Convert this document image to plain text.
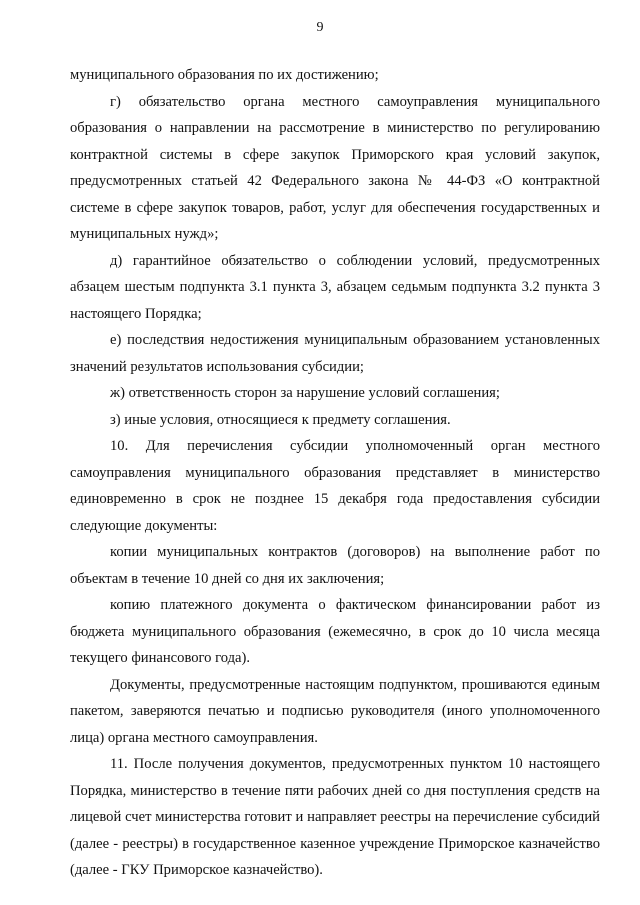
9

муниципального образования по их достижению;

г) обязательство органа местного самоуправления муниципального образования о направлении на рассмотрение в министерство по регулированию контрактной системы в сфере закупок Приморского края условий закупок, предусмотренных статьей 42 Федерального закона № 44-ФЗ «О контрактной системе в сфере закупок товаров, работ, услуг для обеспечения государственных и муниципальных нужд»;

д) гарантийное обязательство о соблюдении условий, предусмотренных абзацем шестым подпункта 3.1 пункта 3, абзацем седьмым подпункта 3.2 пункта 3 настоящего Порядка;

е) последствия недостижения муниципальным образованием установленных значений результатов использования субсидии;

ж) ответственность сторон за нарушение условий соглашения;

з) иные условия, относящиеся к предмету соглашения.

10. Для перечисления субсидии уполномоченный орган местного самоуправления муниципального образования представляет в министерство единовременно в срок не позднее 15 декабря года предоставления субсидии следующие документы:

копии муниципальных контрактов (договоров) на выполнение работ по объектам в течение 10 дней со дня их заключения;

копию платежного документа о фактическом финансировании работ из бюджета муниципального образования (ежемесячно, в срок до 10 числа месяца текущего финансового года).

Документы, предусмотренные настоящим подпунктом, прошиваются единым пакетом, заверяются печатью и подписью руководителя (иного уполномоченного лица) органа местного самоуправления.

11. После получения документов, предусмотренных пунктом 10 настоящего Порядка, министерство в течение пяти рабочих дней со дня поступления средств на лицевой счет министерства готовит и направляет реестры на перечисление субсидий (далее - реестры) в государственное казенное учреждение Приморское казначейство (далее - ГКУ Приморское казначейство).
